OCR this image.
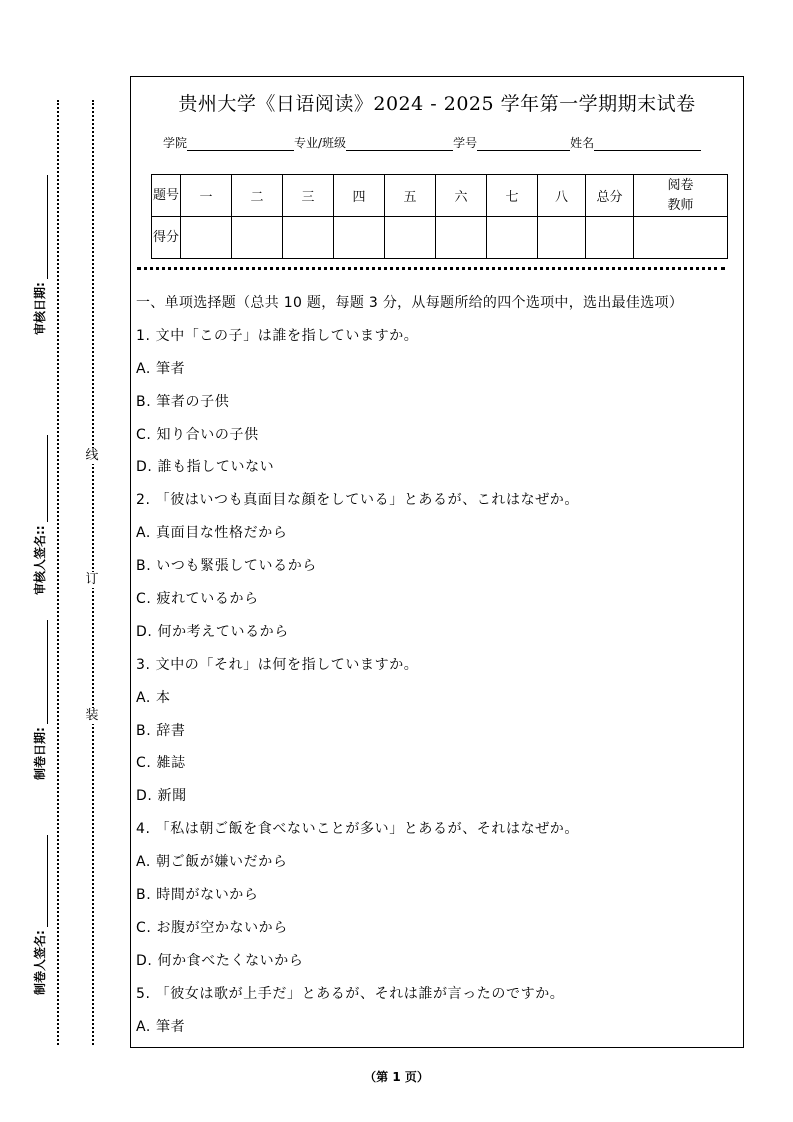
线
订
装
审核日期:
审核人签名::
制卷日期:
制卷人签名:
贵州大学《日语阅读》2024 - 2025 学年第一学期期末试卷
学院	专业/班级	学号	姓名
题号	一	二	三	四	五	六	七	八	总分	阅卷教师
得分										
一、单项选择题（总共 10 题，每题 3 分，从每题所给的四个选项中，选出最佳选项）
1. 文中「この子」は誰を指していますか。
A. 筆者
B. 筆者の子供
C. 知り合いの子供
D. 誰も指していない
2. 「彼はいつも真面目な顔をしている」とあるが、これはなぜか。
A. 真面目な性格だから
B. いつも緊張しているから
C. 疲れているから
D. 何か考えているから
3. 文中の「それ」は何を指していますか。
A. 本
B. 辞書
C. 雑誌
D. 新聞
4. 「私は朝ご飯を食べないことが多い」とあるが、それはなぜか。
A. 朝ご飯が嫌いだから
B. 時間がないから
C. お腹が空かないから
D. 何か食べたくないから
5. 「彼女は歌が上手だ」とあるが、それは誰が言ったのですか。
A. 筆者
（第 1 页）
